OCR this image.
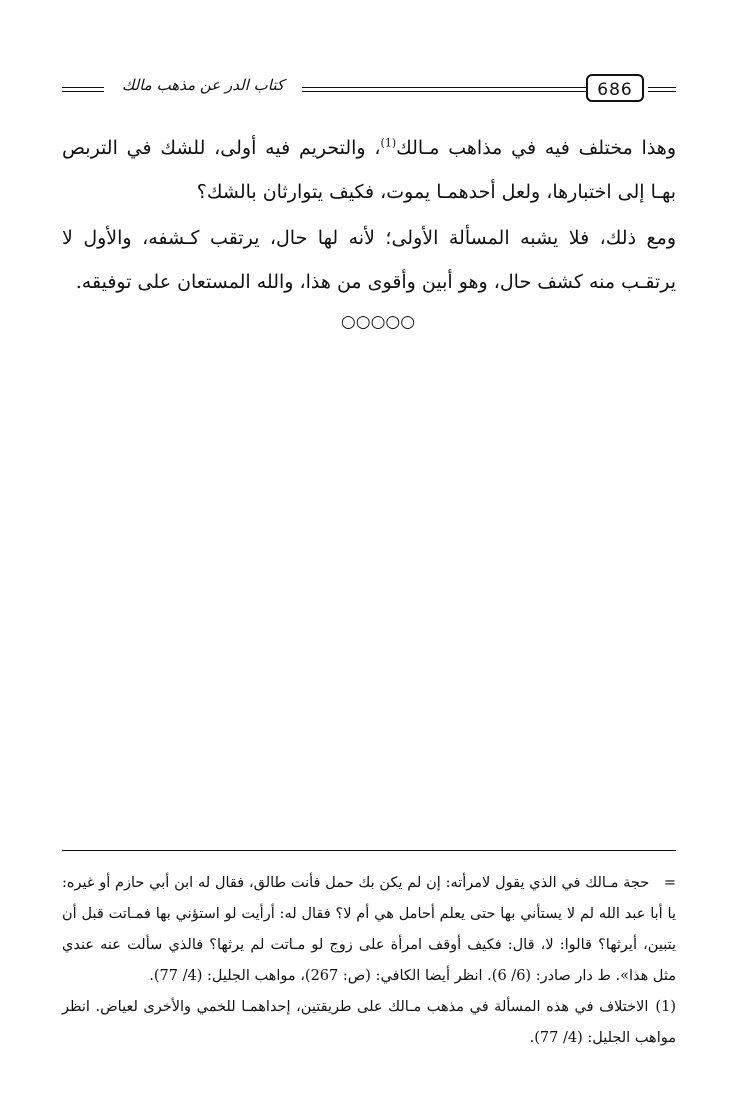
كتاب الدر عن مذهب مالك	686

وهذا مختلف فيه في مذاهب مـالك$^{(1)}$، والتحريم فيه أولى، للشك في التربص بهـا إلى اختبارها، ولعل أحدهمـا يموت، فكيف يتوارثان بالشك؟

ومع ذلك، فلا يشبه المسألة الأولى؛ لأنه لها حال، يرتقب كـشفه، والأول لا يرتقـب منه كشف حال، وهو أبين وأقوى من هذا، والله المستعان على توفيقه.

○○○○○

= حجة مـالك في الذي يقول لامرأته: إن لم يكن بك حمل فأنت طالق، فقال له ابن أبي حازم أو غيره: يا أبا عبد الله لم لا يستأني بها حتى يعلم أحامل هي أم لا؟ فقال له: أرأيت لو استؤني بها فمـاتت قبل أن يتبين، أيرثها؟ قالوا: لا، قال: فكيف أوقف امرأة على زوج لو مـاتت لم يرثها؟ فالذي سألت عنه عندي مثل هذا». ط دار صادر: (6/ 6). انظر أيضا الكافي: (ص: 267)، مواهب الجليل: (4/ 77).

(1) الاختلاف في هذه المسألة في مذهب مـالك على طريقتين، إحداهمـا للخمي والأخرى لعياض. انظر مواهب الجليل: (4/ 77).
